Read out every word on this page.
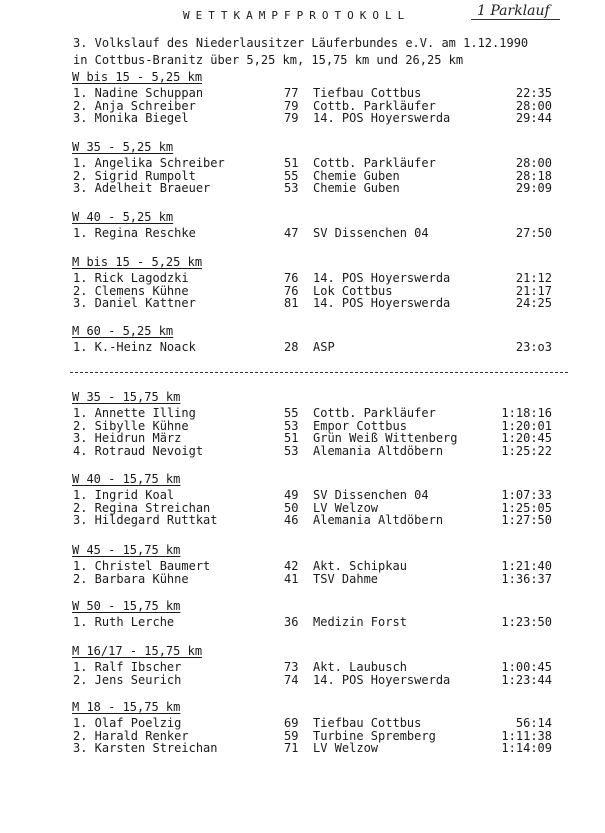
WETTKAMPFPROTOKOLL	1 Parklauf
3. Volkslauf des Niederlausitzer Läuferbundes e.V. am 1.12.1990
in Cottbus-Branitz über 5,25 km, 15,75 km und 26,25 km
W bis 15 - 5,25 km
1. Nadine Schuppan	77 Tiefbau Cottbus	22:35
2. Anja Schreiber	79 Cottb. Parkläufer	28:00
3. Monika Biegel	79 14. POS Hoyerswerda	29:44
W 35 - 5,25 km
1. Angelika Schreiber	51 Cottb. Parkläufer	28:00
2. Sigrid Rumpolt	55 Chemie Guben	28:18
3. Adelheit Braeuer	53 Chemie Guben	29:09
W 40 - 5,25 km
1. Regina Reschke	47 SV Dissenchen 04	27:50
M bis 15 - 5,25 km
1. Rick Lagodzki	76 14. POS Hoyerswerda	21:12
2. Clemens Kühne	76 Lok Cottbus	21:17
3. Daniel Kattner	81 14. POS Hoyerswerda	24:25
M 60 - 5,25 km
1. K.-Heinz Noack	28 ASP	23:o3
W 35 - 15,75 km
1. Annette Illing	55 Cottb. Parkläufer	1:18:16
2. Sibylle Kühne	53 Empor Cottbus	1:20:01
3. Heidrun März	51 Grün Weiß Wittenberg	1:20:45
4. Rotraud Nevoigt	53 Alemania Altdöbern	1:25:22
W 40 - 15,75 km
1. Ingrid Koal	49 SV Dissenchen 04	1:07:33
2. Regina Streichan	50 LV Welzow	1:25:05
3. Hildegard Ruttkat	46 Alemania Altdöbern	1:27:50
W 45 - 15,75 km
1. Christel Baumert	42 Akt. Schipkau	1:21:40
2. Barbara Kühne	41 TSV Dahme	1:36:37
W 50 - 15,75 km
1. Ruth Lerche	36 Medizin Forst	1:23:50
M 16/17 - 15,75 km
1. Ralf Ibscher	73 Akt. Laubusch	1:00:45
2. Jens Seurich	74 14. POS Hoyerswerda	1:23:44
M 18 - 15,75 km
1. Olaf Poelzig	69 Tiefbau Cottbus	56:14
2. Harald Renker	59 Turbine Spremberg	1:11:38
3. Karsten Streichan	71 LV Welzow	1:14:09
